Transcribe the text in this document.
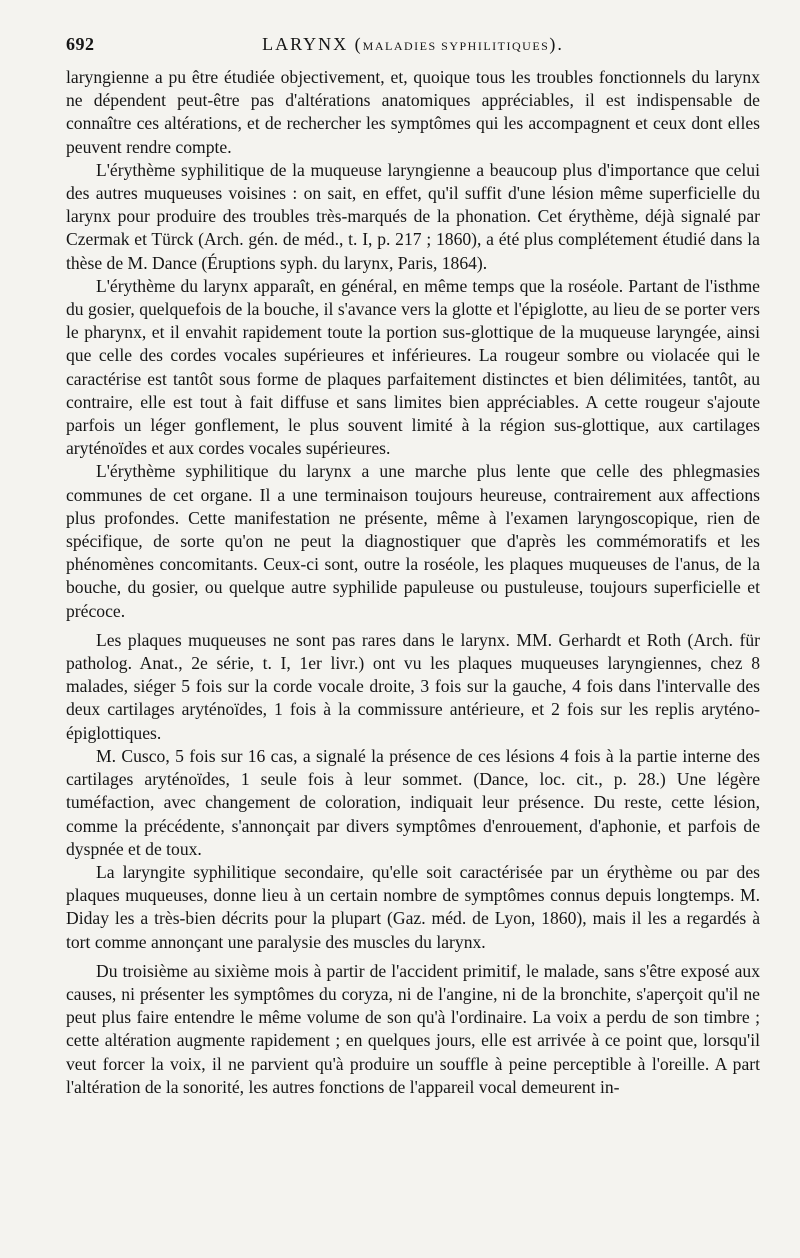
692	LARYNX (MALADIES SYPHILITIQUES).

laryngienne a pu être étudiée objectivement, et, quoique tous les troubles fonctionnels du larynx ne dépendent peut-être pas d'altérations anatomiques appréciables, il est indispensable de connaître ces altérations, et de rechercher les symptômes qui les accompagnent et ceux dont elles peuvent rendre compte.

L'érythème syphilitique de la muqueuse laryngienne a beaucoup plus d'importance que celui des autres muqueuses voisines : on sait, en effet, qu'il suffit d'une lésion même superficielle du larynx pour produire des troubles très-marqués de la phonation. Cet érythème, déjà signalé par Czermak et Türck (Arch. gén. de méd., t. I, p. 217 ; 1860), a été plus complétement étudié dans la thèse de M. Dance (Éruptions syph. du larynx, Paris, 1864).

L'érythème du larynx apparaît, en général, en même temps que la roséole. Partant de l'isthme du gosier, quelquefois de la bouche, il s'avance vers la glotte et l'épiglotte, au lieu de se porter vers le pharynx, et il envahit rapidement toute la portion sus-glottique de la muqueuse laryngée, ainsi que celle des cordes vocales supérieures et inférieures. La rougeur sombre ou violacée qui le caractérise est tantôt sous forme de plaques parfaitement distinctes et bien délimitées, tantôt, au contraire, elle est tout à fait diffuse et sans limites bien appréciables. A cette rougeur s'ajoute parfois un léger gonflement, le plus souvent limité à la région sus-glottique, aux cartilages aryténoïdes et aux cordes vocales supérieures.

L'érythème syphilitique du larynx a une marche plus lente que celle des phlegmasies communes de cet organe. Il a une terminaison toujours heureuse, contrairement aux affections plus profondes. Cette manifestation ne présente, même à l'examen laryngoscopique, rien de spécifique, de sorte qu'on ne peut la diagnostiquer que d'après les commémoratifs et les phénomènes concomitants. Ceux-ci sont, outre la roséole, les plaques muqueuses de l'anus, de la bouche, du gosier, ou quelque autre syphilide papuleuse ou pustuleuse, toujours superficielle et précoce.

Les plaques muqueuses ne sont pas rares dans le larynx. MM. Gerhardt et Roth (Arch. für patholog. Anat., 2e série, t. I, 1er livr.) ont vu les plaques muqueuses laryngiennes, chez 8 malades, siéger 5 fois sur la corde vocale droite, 3 fois sur la gauche, 4 fois dans l'intervalle des deux cartilages aryténoïdes, 1 fois à la commissure antérieure, et 2 fois sur les replis aryténo-épiglottiques.

M. Cusco, 5 fois sur 16 cas, a signalé la présence de ces lésions 4 fois à la partie interne des cartilages aryténoïdes, 1 seule fois à leur sommet. (Dance, loc. cit., p. 28.) Une légère tuméfaction, avec changement de coloration, indiquait leur présence. Du reste, cette lésion, comme la précédente, s'annonçait par divers symptômes d'enrouement, d'aphonie, et parfois de dyspnée et de toux.

La laryngite syphilitique secondaire, qu'elle soit caractérisée par un érythème ou par des plaques muqueuses, donne lieu à un certain nombre de symptômes connus depuis longtemps. M. Diday les a très-bien décrits pour la plupart (Gaz. méd. de Lyon, 1860), mais il les a regardés à tort comme annonçant une paralysie des muscles du larynx.

Du troisième au sixième mois à partir de l'accident primitif, le malade, sans s'être exposé aux causes, ni présenter les symptômes du coryza, ni de l'angine, ni de la bronchite, s'aperçoit qu'il ne peut plus faire entendre le même volume de son qu'à l'ordinaire. La voix a perdu de son timbre ; cette altération augmente rapidement ; en quelques jours, elle est arrivée à ce point que, lorsqu'il veut forcer la voix, il ne parvient qu'à produire un souffle à peine perceptible à l'oreille. A part l'altération de la sonorité, les autres fonctions de l'appareil vocal demeurent in-
